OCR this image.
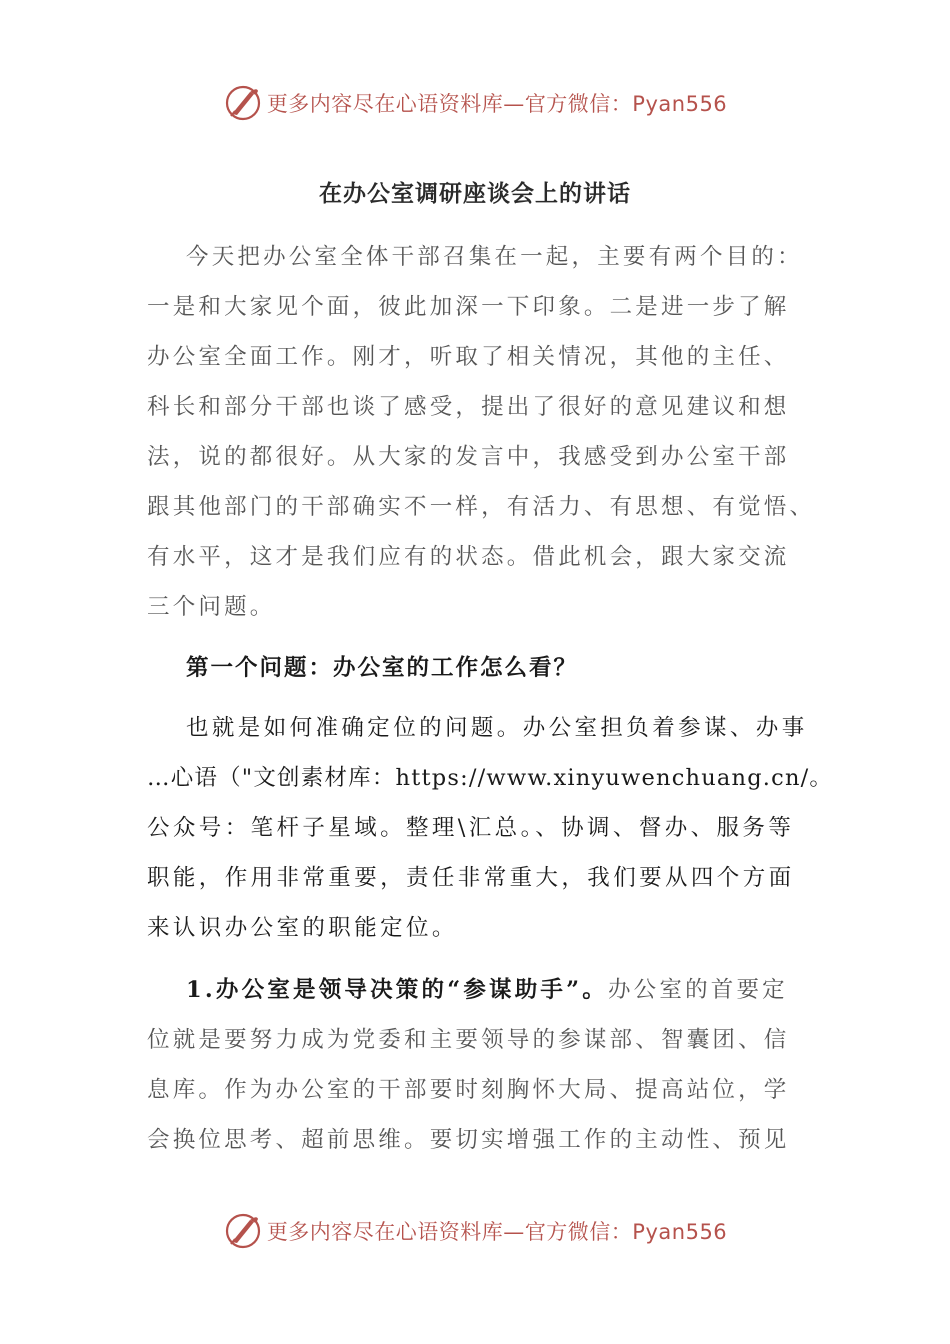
更多内容尽在心语资料库—官方微信：Pyan556
在办公室调研座谈会上的讲话
今天把办公室全体干部召集在一起，主要有两个目的：
一是和大家见个面，彼此加深一下印象。二是进一步了解
办公室全面工作。刚才，听取了相关情况，其他的主任、
科长和部分干部也谈了感受，提出了很好的意见建议和想
法，说的都很好。从大家的发言中，我感受到办公室干部
跟其他部门的干部确实不一样，有活力、有思想、有觉悟、
有水平，这才是我们应有的状态。借此机会，跟大家交流
三个问题。
第一个问题：办公室的工作怎么看？
也就是如何准确定位的问题。办公室担负着参谋、办事
…心语（"文创素材库：https://www.xinyuwenchuang.cn/。
公众号：笔杆子星域。整理\汇总。、协调、督办、服务等
职能，作用非常重要，责任非常重大，我们要从四个方面
来认识办公室的职能定位。
1.办公室是领导决策的“参谋助手”。办公室的首要定
位就是要努力成为党委和主要领导的参谋部、智囊团、信
息库。作为办公室的干部要时刻胸怀大局、提高站位，学
会换位思考、超前思维。要切实增强工作的主动性、预见
更多内容尽在心语资料库—官方微信：Pyan556
